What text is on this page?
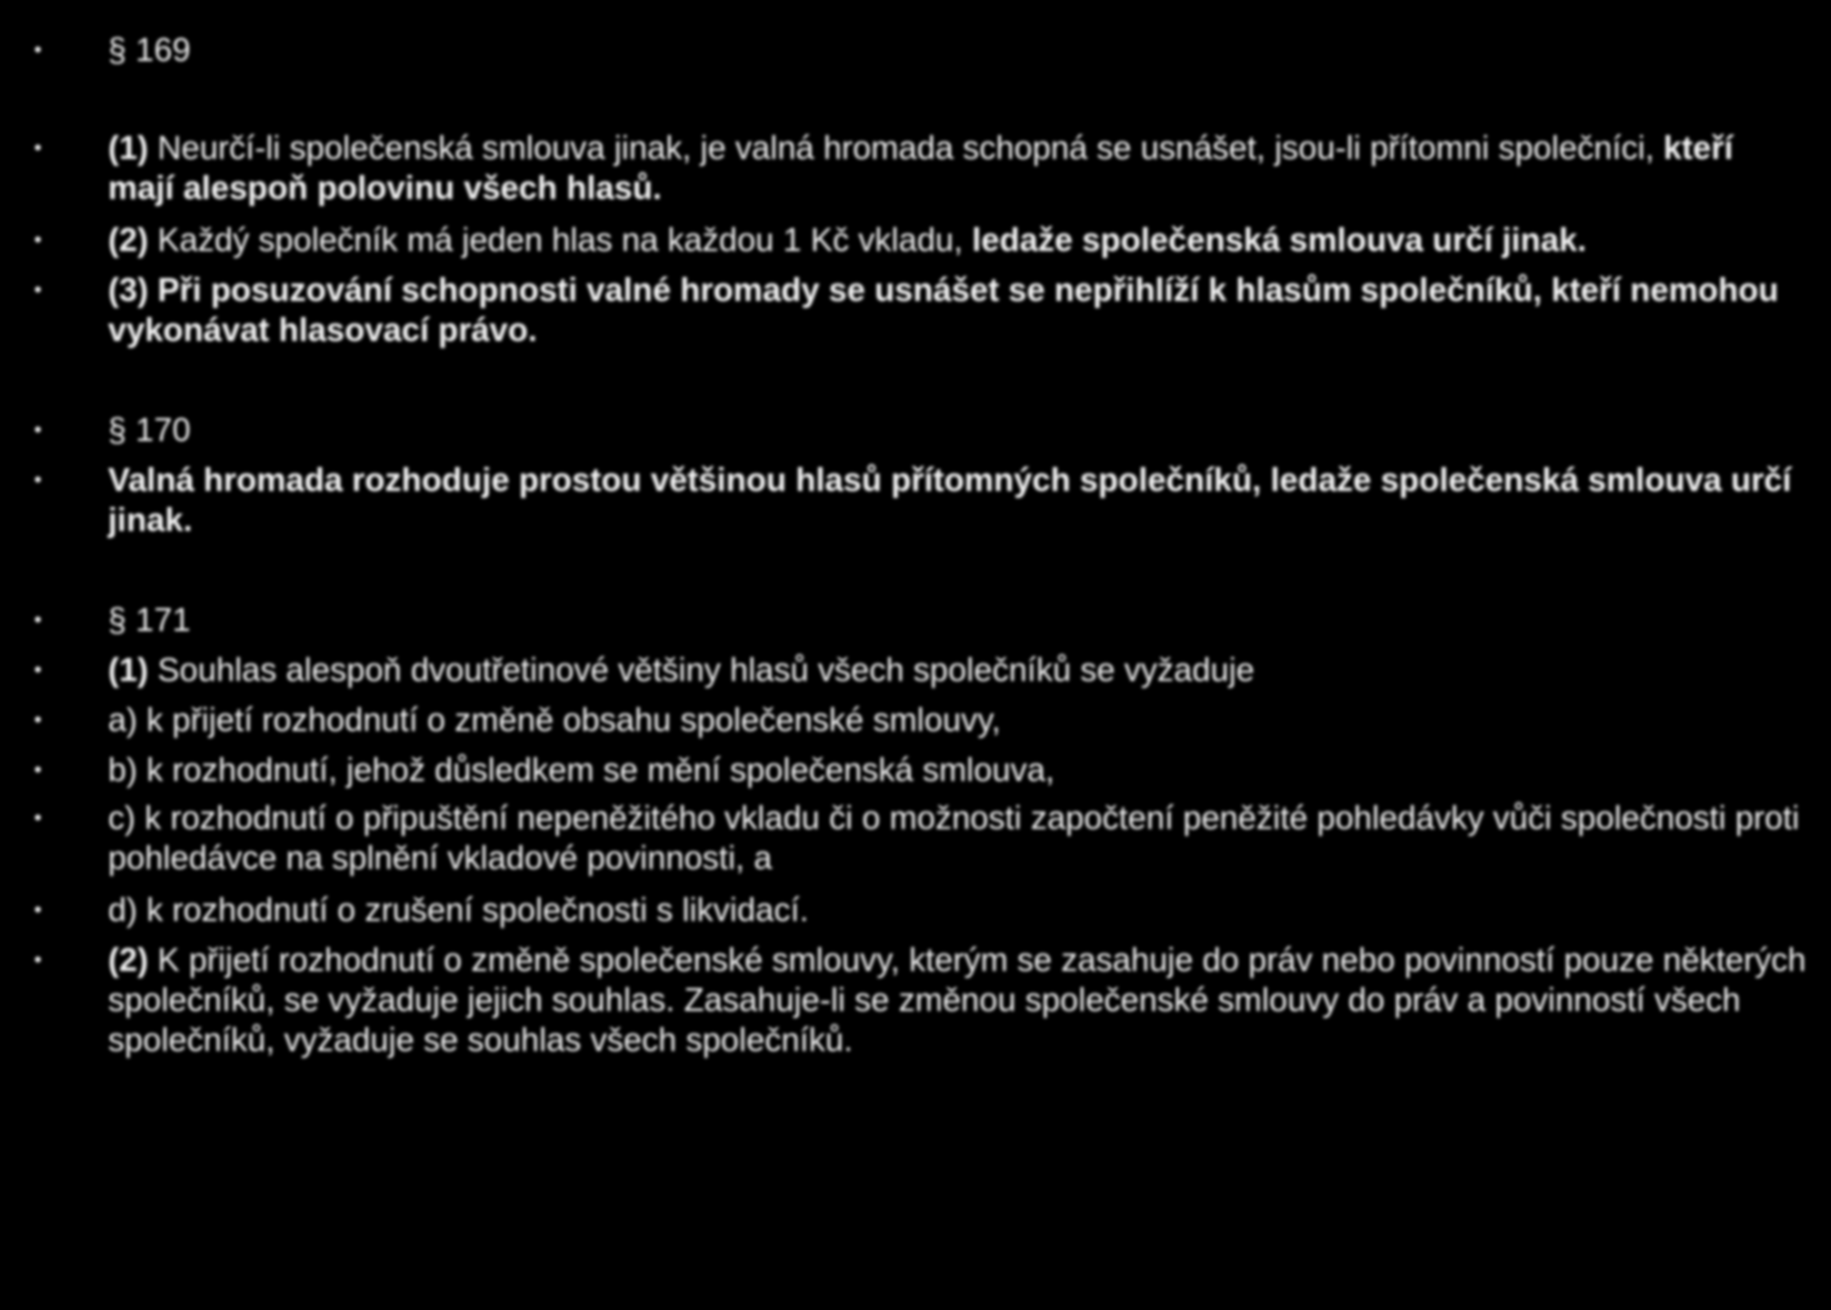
• § 169
• (1) Neurčí-li společenská smlouva jinak, je valná hromada schopná se usnášet, jsou-li přítomni společníci, kteří mají alespoň polovinu všech hlasů.
• (2) Každý společník má jeden hlas na každou 1 Kč vkladu, ledaže společenská smlouva určí jinak.
• (3) Při posuzování schopnosti valné hromady se usnášet se nepřihlíží k hlasům společníků, kteří nemohou vykonávat hlasovací právo.
• § 170
• Valná hromada rozhoduje prostou většinou hlasů přítomných společníků, ledaže společenská smlouva určí jinak.
• § 171
• (1) Souhlas alespoň dvoutřetinové většiny hlasů všech společníků se vyžaduje
• a) k přijetí rozhodnutí o změně obsahu společenské smlouvy,
• b) k rozhodnutí, jehož důsledkem se mění společenská smlouva,
• c) k rozhodnutí o připuštění nepeněžitého vkladu či o možnosti započtení peněžité pohledávky vůči společnosti proti pohledávce na splnění vkladové povinnosti, a
• d) k rozhodnutí o zrušení společnosti s likvidací.
• (2) K přijetí rozhodnutí o změně společenské smlouvy, kterým se zasahuje do práv nebo povinností pouze některých společníků, se vyžaduje jejich souhlas. Zasahuje-li se změnou společenské smlouvy do práv a povinností všech společníků, vyžaduje se souhlas všech společníků.
